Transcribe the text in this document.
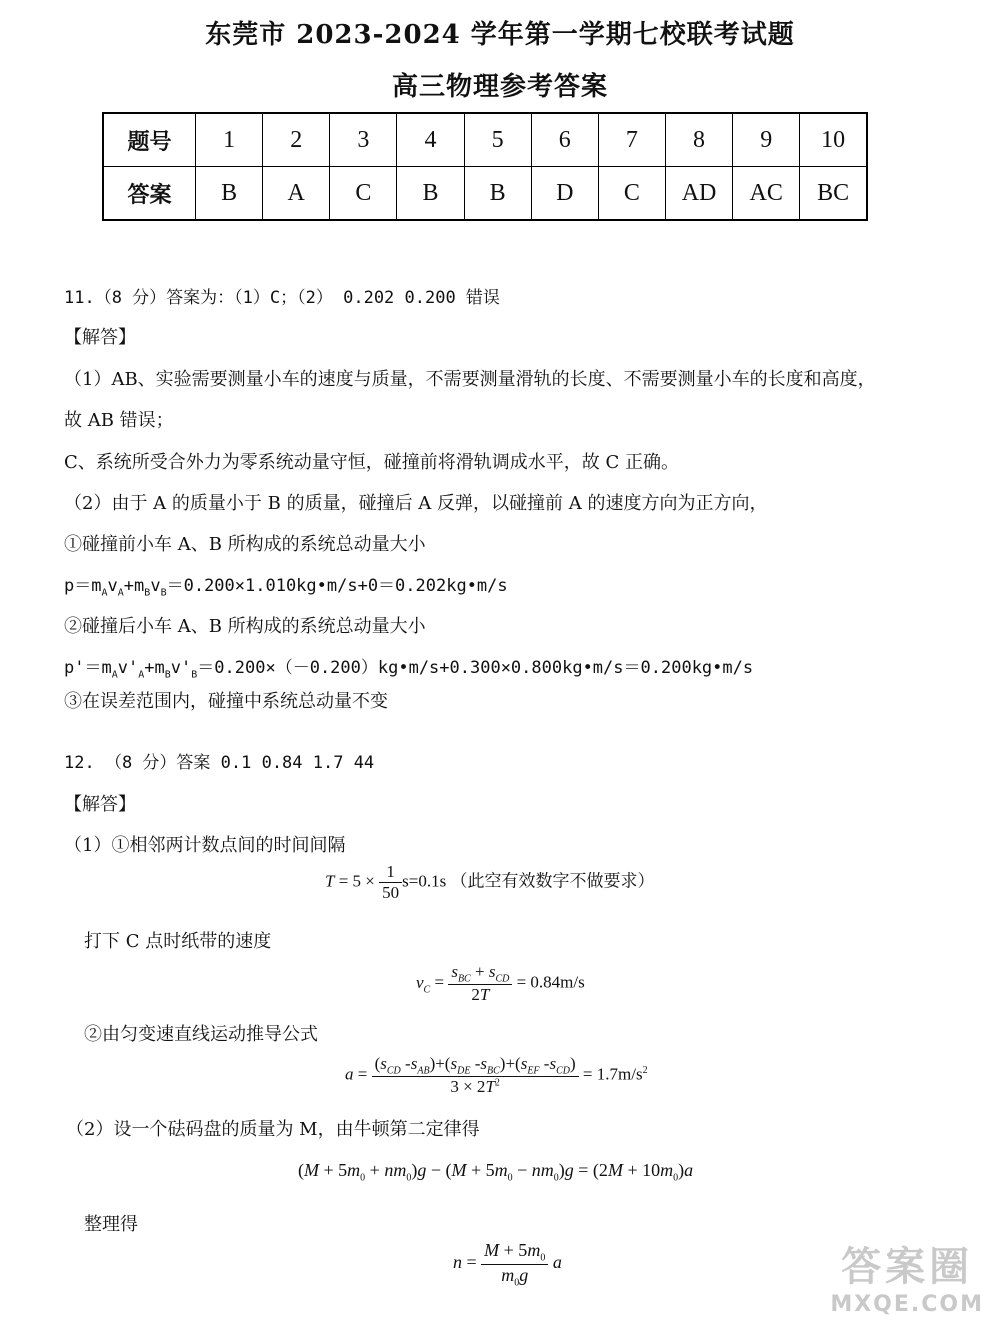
东莞市 2023-2024 学年第一学期七校联考试题
高三物理参考答案
题号	1	2	3	4	5	6	7	8	9	10
答案	B	A	C	B	B	D	C	AD	AC	BC
11.（8 分）答案为：（1）C；（2） 0.202 0.200 错误
【解答】
（1）AB、实验需要测量小车的速度与质量，不需要测量滑轨的长度、不需要测量小车的长度和高度，
故 AB 错误；
C、系统所受合外力为零系统动量守恒，碰撞前将滑轨调成水平，故 C 正确。
（2）由于 A 的质量小于 B 的质量，碰撞后 A 反弹，以碰撞前 A 的速度方向为正方向，
①碰撞前小车 A、B 所构成的系统总动量大小
$p=m_Av_A+m_Bv_B=0.200\times 1.010kg•m/s+0=0.202kg•m/s$
②碰撞后小车 A、B 所构成的系统总动量大小
$p'=m_Av'_A+m_Bv'_B=0.200\times(-0.200)kg•m/s+0.300\times 0.800kg•m/s=0.200kg•m/s$
③在误差范围内，碰撞中系统总动量不变
12. （8 分）答案 0.1 0.84 1.7 44
【解答】
（1）①相邻两计数点间的时间间隔
$T = 5 \times \frac{1}{50} s=0.1s$ （此空有效数字不做要求）
打下 C 点时纸带的速度
$v_C = \frac{s_{BC} + s_{CD}}{2T} = 0.84m/s$
②由匀变速直线运动推导公式
$a = \frac{(s_{CD} -s_{AB})+(s_{DE} -s_{BC})+(s_{EF} -s_{CD})}{3 \times 2T^2} = 1.7m/s^2$
（2）设一个砝码盘的质量为 M，由牛顿第二定律得
$(M + 5m_0 + nm_0)g - (M + 5m_0 - nm_0)g = (2M + 10m_0)a$
整理得
$n = \frac{M + 5m_0}{m_0g}$ a	答案圈
MXQE.COM
